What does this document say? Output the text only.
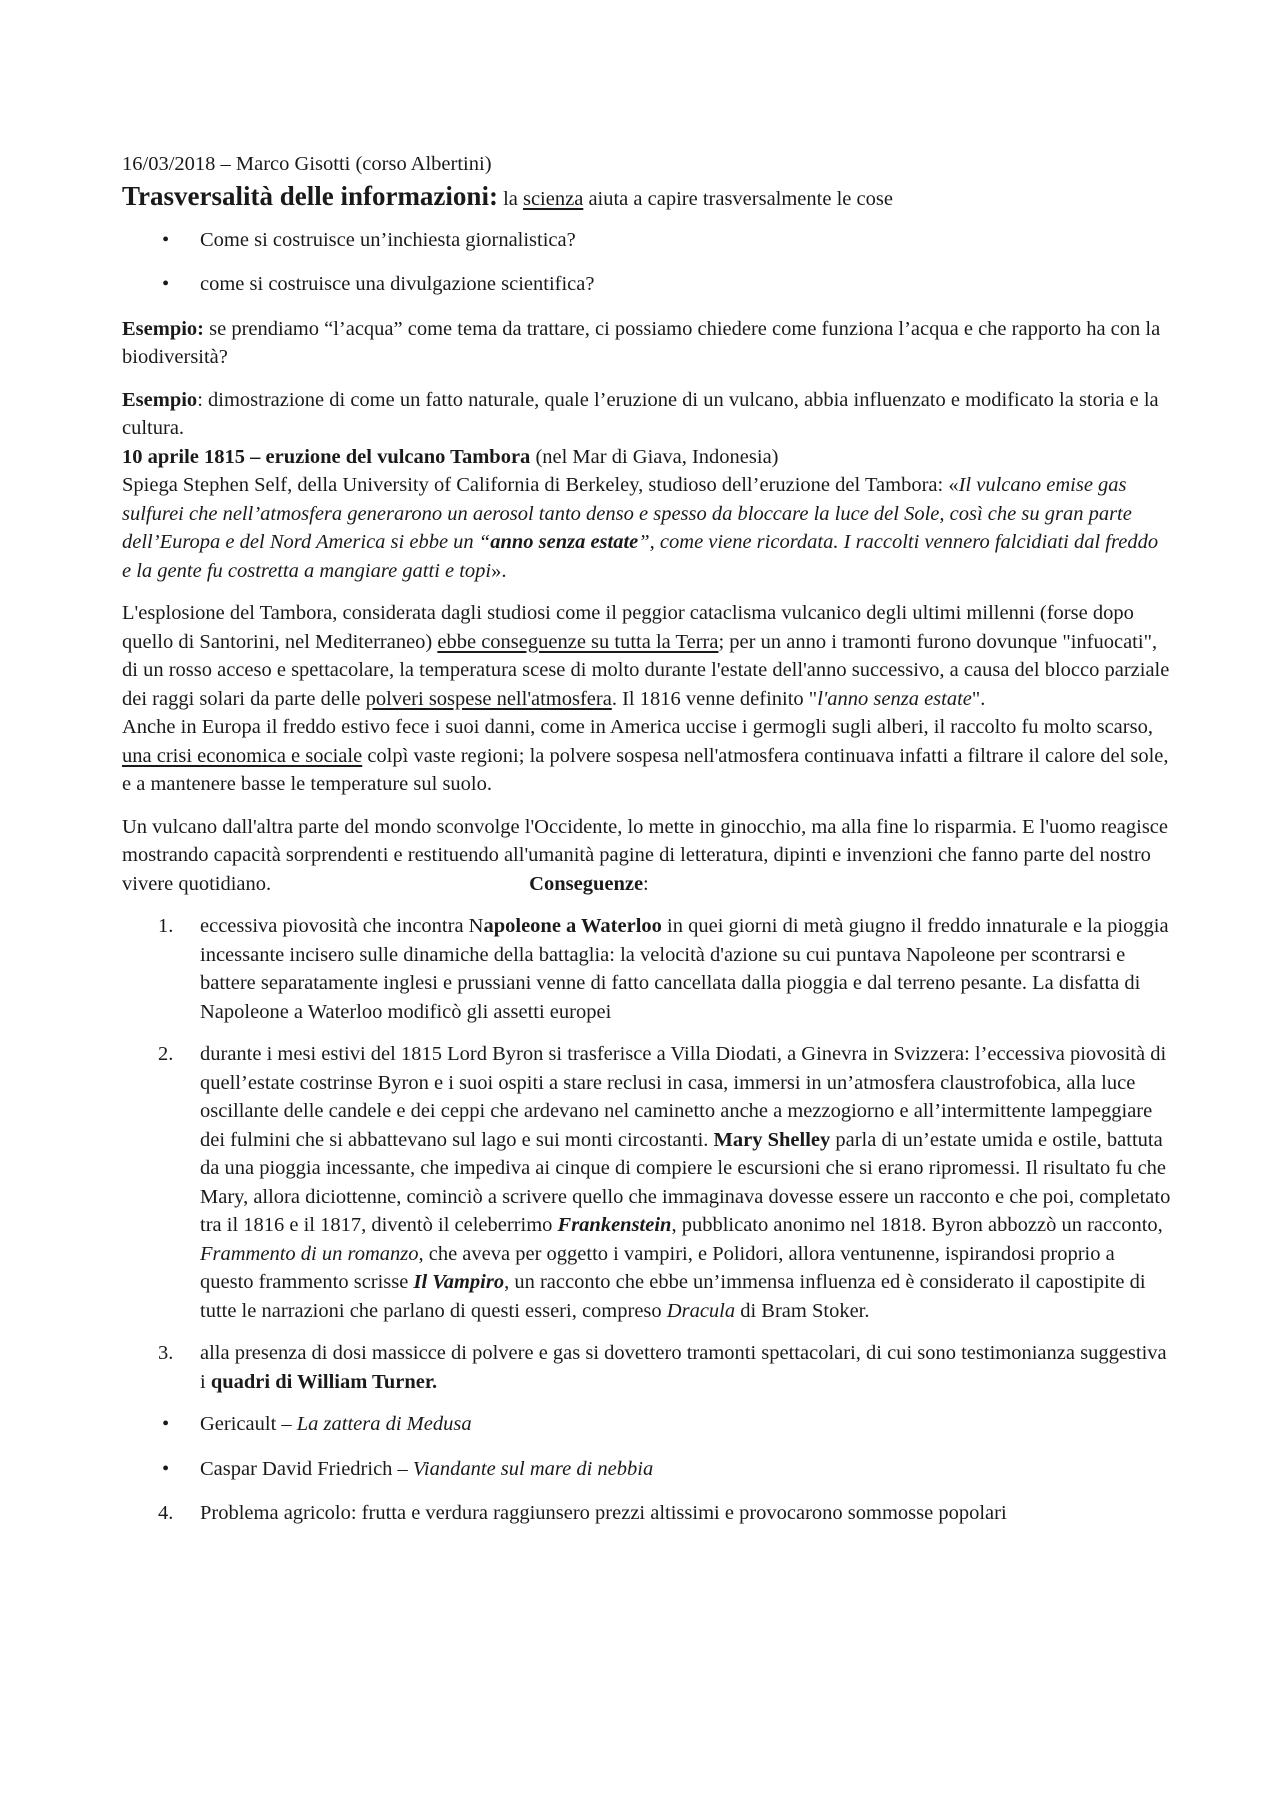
16/03/2018 – Marco Gisotti (corso Albertini)

Trasversalità delle informazioni: la scienza aiuta a capire trasversalmente le cose

• Come si costruisce un’inchiesta giornalistica?
• come si costruisce una divulgazione scientifica?

Esempio: se prendiamo “l’acqua” come tema da trattare, ci possiamo chiedere come funziona l’acqua e che rapporto ha con la biodiversità?

Esempio: dimostrazione di come un fatto naturale, quale l’eruzione di un vulcano, abbia influenzato e modificato la storia e la cultura.

10 aprile 1815 – eruzione del vulcano Tambora (nel Mar di Giava, Indonesia)

Spiega Stephen Self, della University of California di Berkeley, studioso dell’eruzione del Tambora: «Il vulcano emise gas sulfurei che nell’atmosfera generarono un aerosol tanto denso e spesso da bloccare la luce del Sole, così che su gran parte dell’Europa e del Nord America si ebbe un “anno senza estate”, come viene ricordata. I raccolti vennero falcidiati dal freddo e la gente fu costretta a mangiare gatti e topi».

L'esplosione del Tambora, considerata dagli studiosi come il peggior cataclisma vulcanico degli ultimi millenni (forse dopo quello di Santorini, nel Mediterraneo) ebbe conseguenze su tutta la Terra; per un anno i tramonti furono dovunque "infuocati", di un rosso acceso e spettacolare, la temperatura scese di molto durante l'estate dell'anno successivo, a causa del blocco parziale dei raggi solari da parte delle polveri sospese nell'atmosfera. Il 1816 venne definito "l'anno senza estate".

Anche in Europa il freddo estivo fece i suoi danni, come in America uccise i germogli sugli alberi, il raccolto fu molto scarso, una crisi economica e sociale colpì vaste regioni; la polvere sospesa nell'atmosfera continuava infatti a filtrare il calore del sole, e a mantenere basse le temperature sul suolo.

Un vulcano dall'altra parte del mondo sconvolge l'Occidente, lo mette in ginocchio, ma alla fine lo risparmia. E l'uomo reagisce mostrando capacità sorprendenti e restituendo all'umanità pagine di letteratura, dipinti e invenzioni che fanno parte del nostro vivere quotidiano.	Conseguenze:

1. eccessiva piovosità che incontra Napoleone a Waterloo in quei giorni di metà giugno il freddo innaturale e la pioggia incessante incisero sulle dinamiche della battaglia: la velocità d'azione su cui puntava Napoleone per scontrarsi e battere separatamente inglesi e prussiani venne di fatto cancellata dalla pioggia e dal terreno pesante. La disfatta di Napoleone a Waterloo modificò gli assetti europei
2. durante i mesi estivi del 1815 Lord Byron si trasferisce a Villa Diodati, a Ginevra in Svizzera: l’eccessiva piovosità di quell’estate costrinse Byron e i suoi ospiti a stare reclusi in casa, immersi in un’atmosfera claustrofobica, alla luce oscillante delle candele e dei ceppi che ardevano nel caminetto anche a mezzogiorno e all’intermittente lampeggiare dei fulmini che si abbattevano sul lago e sui monti circostanti. Mary Shelley parla di un’estate umida e ostile, battuta da una pioggia incessante, che impediva ai cinque di compiere le escursioni che si erano ripromessi. Il risultato fu che Mary, allora diciottenne, cominciò a scrivere quello che immaginava dovesse essere un racconto e che poi, completato tra il 1816 e il 1817, diventò il celeberrimo Frankenstein, pubblicato anonimo nel 1818. Byron abbozzò un racconto, Frammento di un romanzo, che aveva per oggetto i vampiri, e Polidori, allora ventunenne, ispirandosi proprio a questo frammento scrisse Il Vampiro, un racconto che ebbe un’immensa influenza ed è considerato il capostipite di tutte le narrazioni che parlano di questi esseri, compreso Dracula di Bram Stoker.
3. alla presenza di dosi massicce di polvere e gas si dovettero tramonti spettacolari, di cui sono testimonianza suggestiva i quadri di William Turner.
• Gericault – La zattera di Medusa
• Caspar David Friedrich – Viandante sul mare di nebbia
4. Problema agricolo: frutta e verdura raggiunsero prezzi altissimi e provocarono sommosse popolari
